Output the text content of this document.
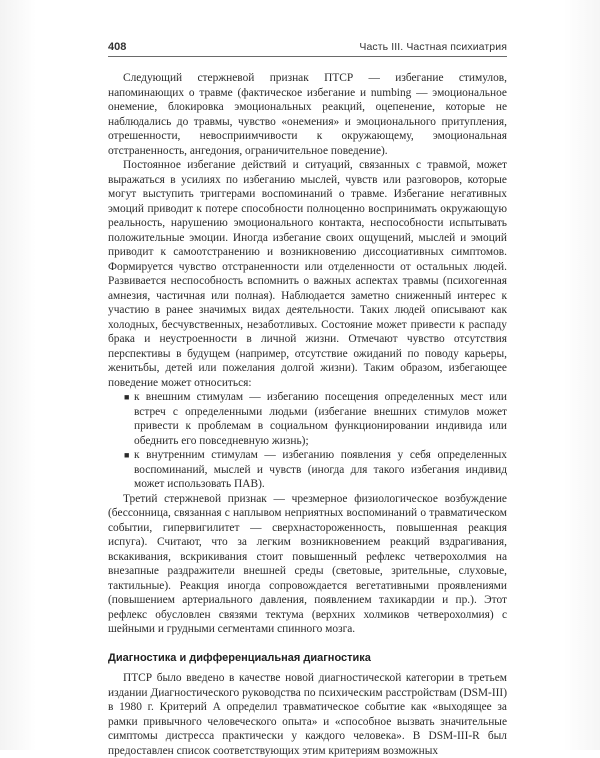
408	Часть III. Частная психиатрия

Следующий стержневой признак ПТСР — избегание стимулов, напоминающих о травме (фактическое избегание и numbing — эмоциональное онемение, блокировка эмоциональных реакций, оцепенение, которые не наблюдались до травмы, чувство «онемения» и эмоционального притупления, отрешенности, невосприимчивости к окружающему, эмоциональная отстраненность, ангедония, ограничительное поведение).

Постоянное избегание действий и ситуаций, связанных с травмой, может выражаться в усилиях по избеганию мыслей, чувств или разговоров, которые могут выступить триггерами воспоминаний о травме. Избегание негативных эмоций приводит к потере способности полноценно воспринимать окружающую реальность, нарушению эмоционального контакта, неспособности испытывать положительные эмоции. Иногда избегание своих ощущений, мыслей и эмоций приводит к самоотстранению и возникновению диссоциативных симптомов. Формируется чувство отстраненности или отделенности от остальных людей. Развивается неспособность вспомнить о важных аспектах травмы (психогенная амнезия, частичная или полная). Наблюдается заметно сниженный интерес к участию в ранее значимых видах деятельности. Таких людей описывают как холодных, бесчувственных, незаботливых. Состояние может привести к распаду брака и неустроенности в личной жизни. Отмечают чувство отсутствия перспективы в будущем (например, отсутствие ожиданий по поводу карьеры, женитьбы, детей или пожелания долгой жизни). Таким образом, избегающее поведение может относиться:

■ к внешним стимулам — избеганию посещения определенных мест или встреч с определенными людьми (избегание внешних стимулов может привести к проблемам в социальном функционировании индивида или обеднить его повседневную жизнь);
■ к внутренним стимулам — избеганию появления у себя определенных воспоминаний, мыслей и чувств (иногда для такого избегания индивид может использовать ПАВ).

Третий стержневой признак — чрезмерное физиологическое возбуждение (бессонница, связанная с наплывом неприятных воспоминаний о травматическом событии, гипервигилитет — сверхнастороженность, повышенная реакция испуга). Считают, что за легким возникновением реакций вздрагивания, вскакивания, вскрикивания стоит повышенный рефлекс четверохолмия на внезапные раздражители внешней среды (световые, зрительные, слуховые, тактильные). Реакция иногда сопровождается вегетативными проявлениями (повышением артериального давления, появлением тахикардии и пр.). Этот рефлекс обусловлен связями тектума (верхних холмиков четверохолмия) с шейными и грудными сегментами спинного мозга.

Диагностика и дифференциальная диагностика

ПТСР было введено в качестве новой диагностической категории в третьем издании Диагностического руководства по психическим расстройствам (DSM-III) в 1980 г. Критерий А определил травматическое событие как «выходящее за рамки привычного человеческого опыта» и «способное вызвать значительные симптомы дистресса практически у каждого человека». В DSM-III-R был предоставлен список соответствующих этим критериям возможных
